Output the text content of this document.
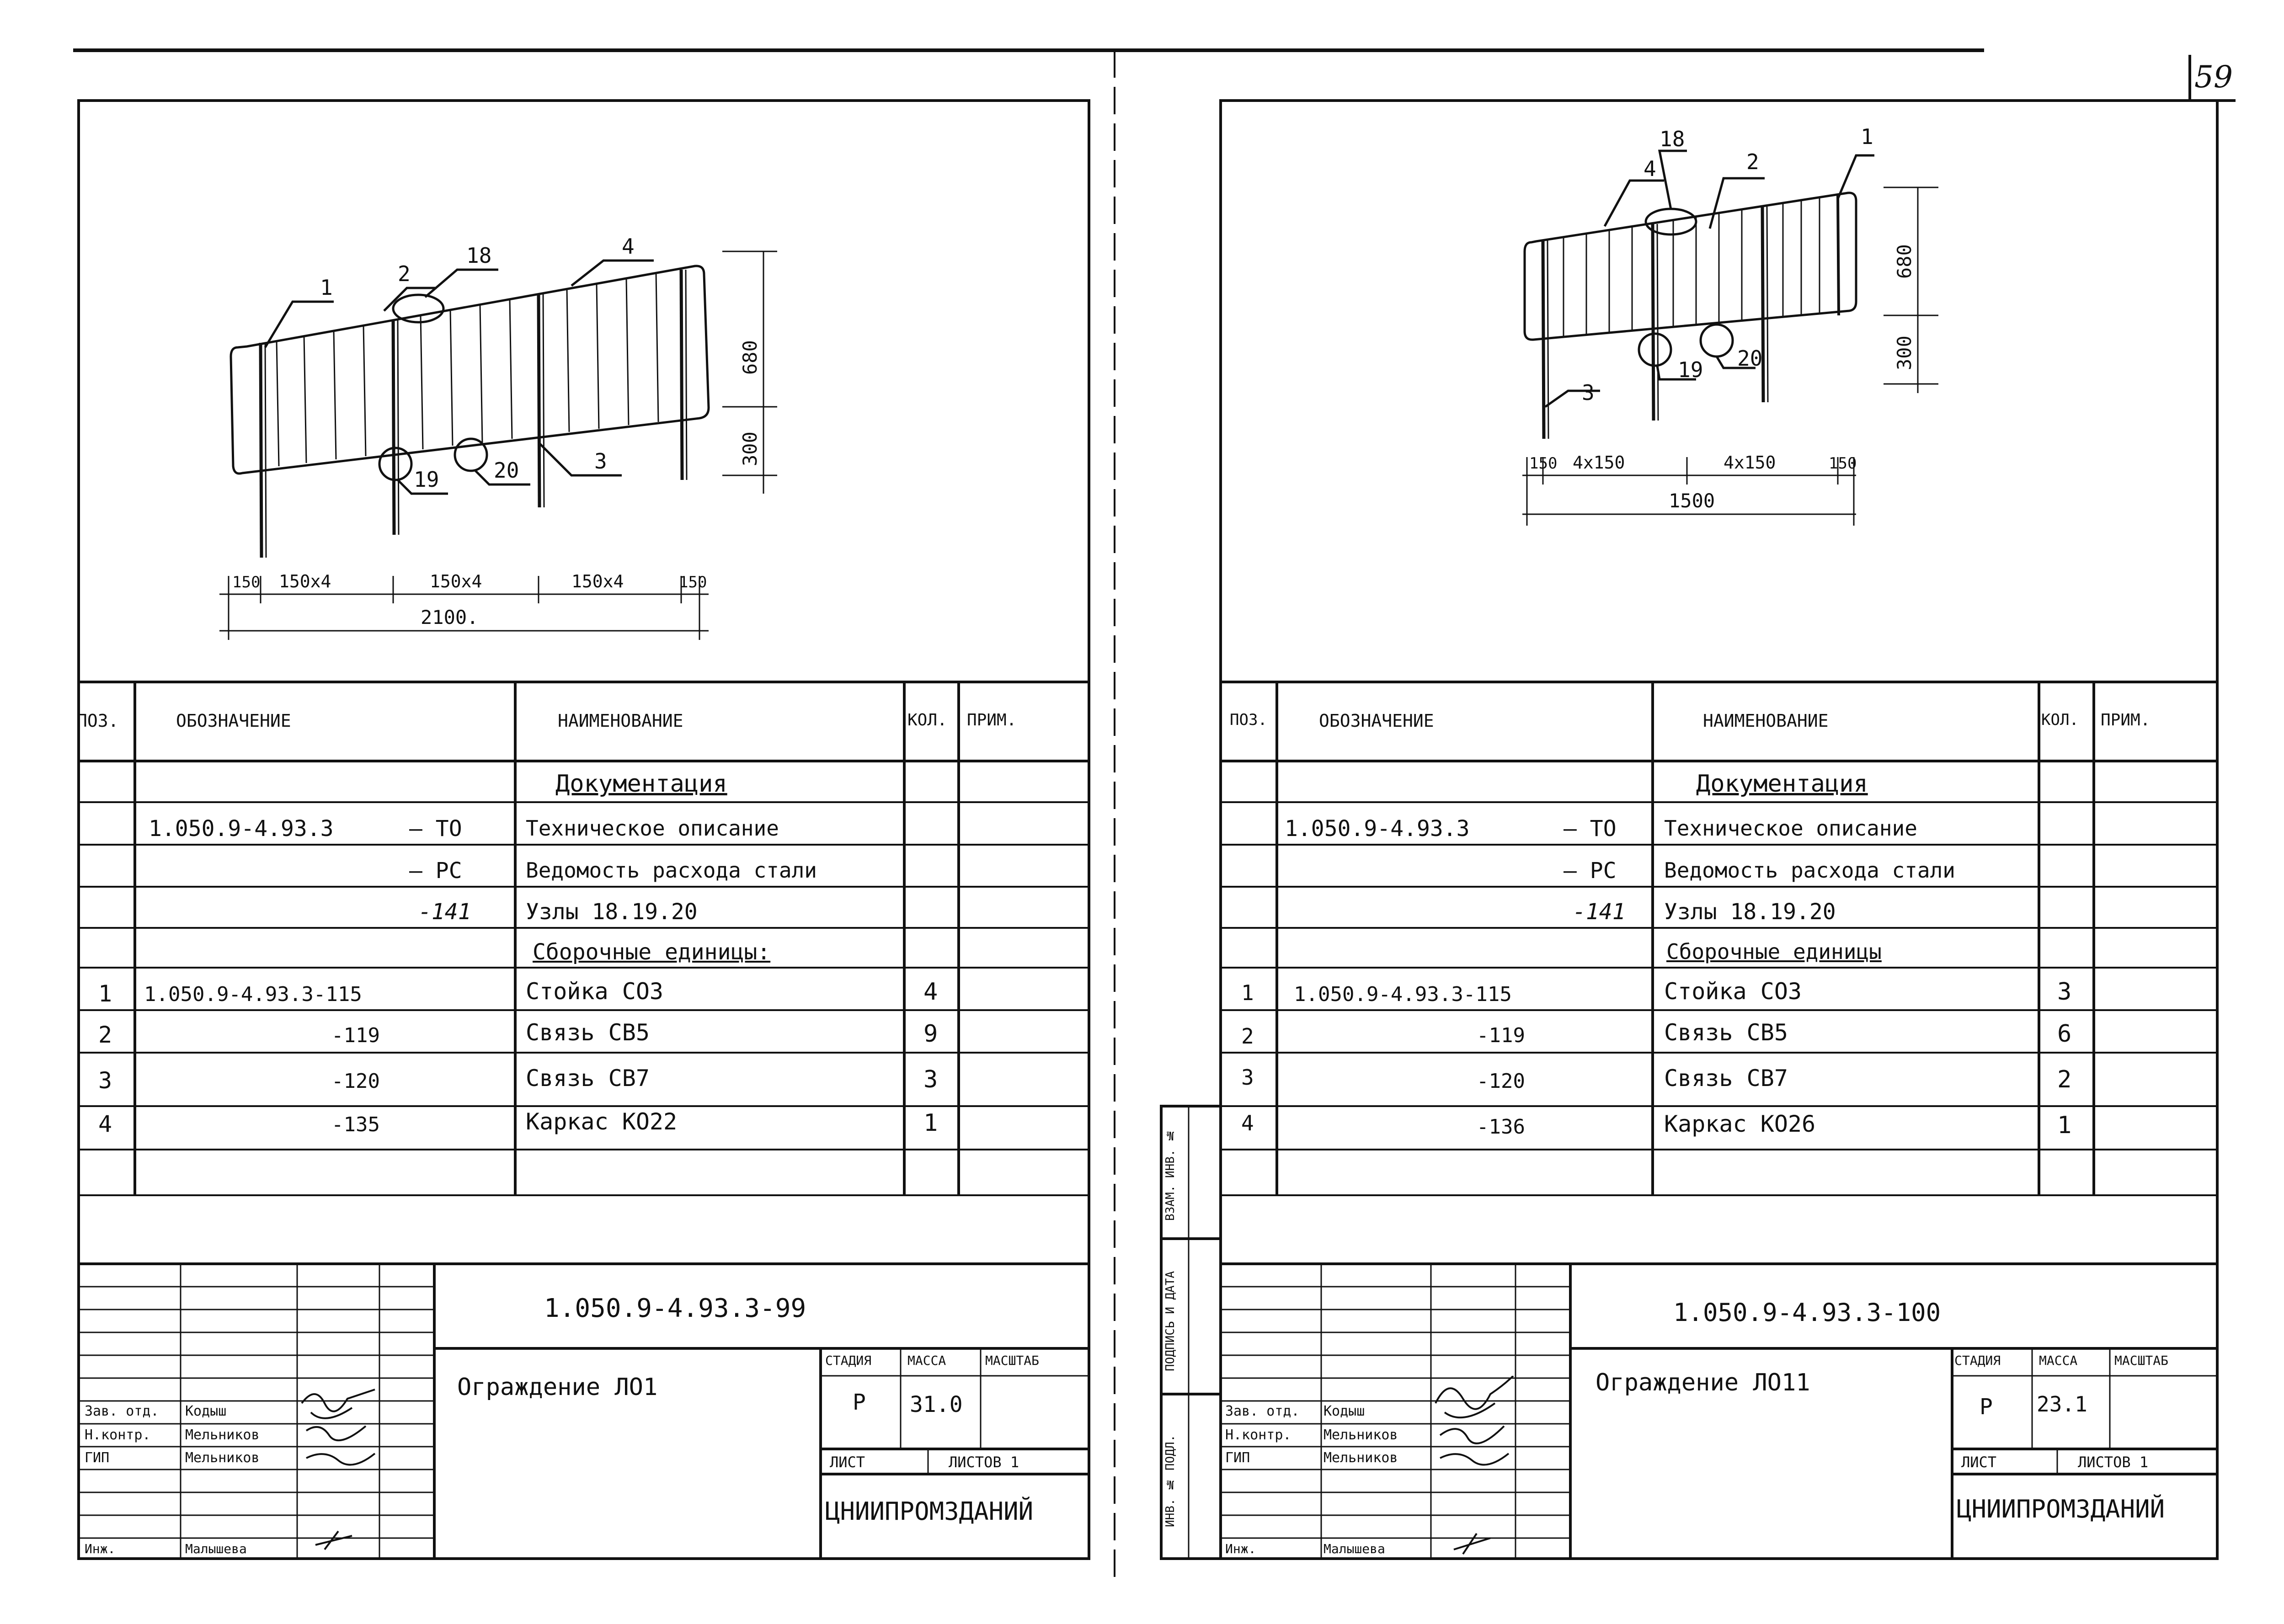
1
2
18	4
19	20	3
150 150x4	150x4	150x4	150
2100.
680
300
18
2
1
4
3
19 20
150 4x150	4x150	150
1500
680
300
59
ПОЗ.	ОБОЗНАЧЕНИЕ	НАИМЕНОВАНИЕ	КОЛ. ПРИМ.
Документация
1.050.9-4.93.3	— ТО	Техническое описание
— РС	Ведомость расхода стали
-141 Узлы 18.19.20
Сборочные единицы:
1 1.050.9-4.93.3-115	Стойка СО3	4
2	-119	Связь СВ5	9
3	-120	Связь СВ7	3
4	-135	Каркас КО22	1
1.050.9-4.93.3-99
Ограждение ЛО1
СТАДИЯ	МАССА	МАСШТАБ
Р 31.0
ЛИСТ	ЛИСТОВ 1
ЦНИИПРОМЗДАНИЙ
Зав. отд. Кодыш
Н.контр.	Мельников
ГИП	Мельников
Инж.	Малышева
ПОЗ.	ОБОЗНАЧЕНИЕ	НАИМЕНОВАНИЕ	КОЛ. ПРИМ.
Документация
1.050.9-4.93.3	— ТО Техническое описание
— РС Ведомость расхода стали
-141 Узлы 18.19.20
Сборочные единицы
1 1.050.9-4.93.3-115	Стойка СО3	3
2	-119	Связь СВ5	6
3	-120	Связь СВ7	2
4	-136	Каркас КО26	1
ВЗАМ. ИНВ. №
ПОДПИСЬ И ДАТА
ИНВ. № ПОДЛ.
1.050.9-4.93.3-100
Ограждение ЛО11
СТАДИЯ	МАССА	МАСШТАБ
Р 23.1
ЛИСТ	ЛИСТОВ 1
ЦНИИПРОМЗДАНИЙ
Зав. отд. Кодыш
Н.контр. Мельников
ГИП	Мельников
Инж.	Малышева
